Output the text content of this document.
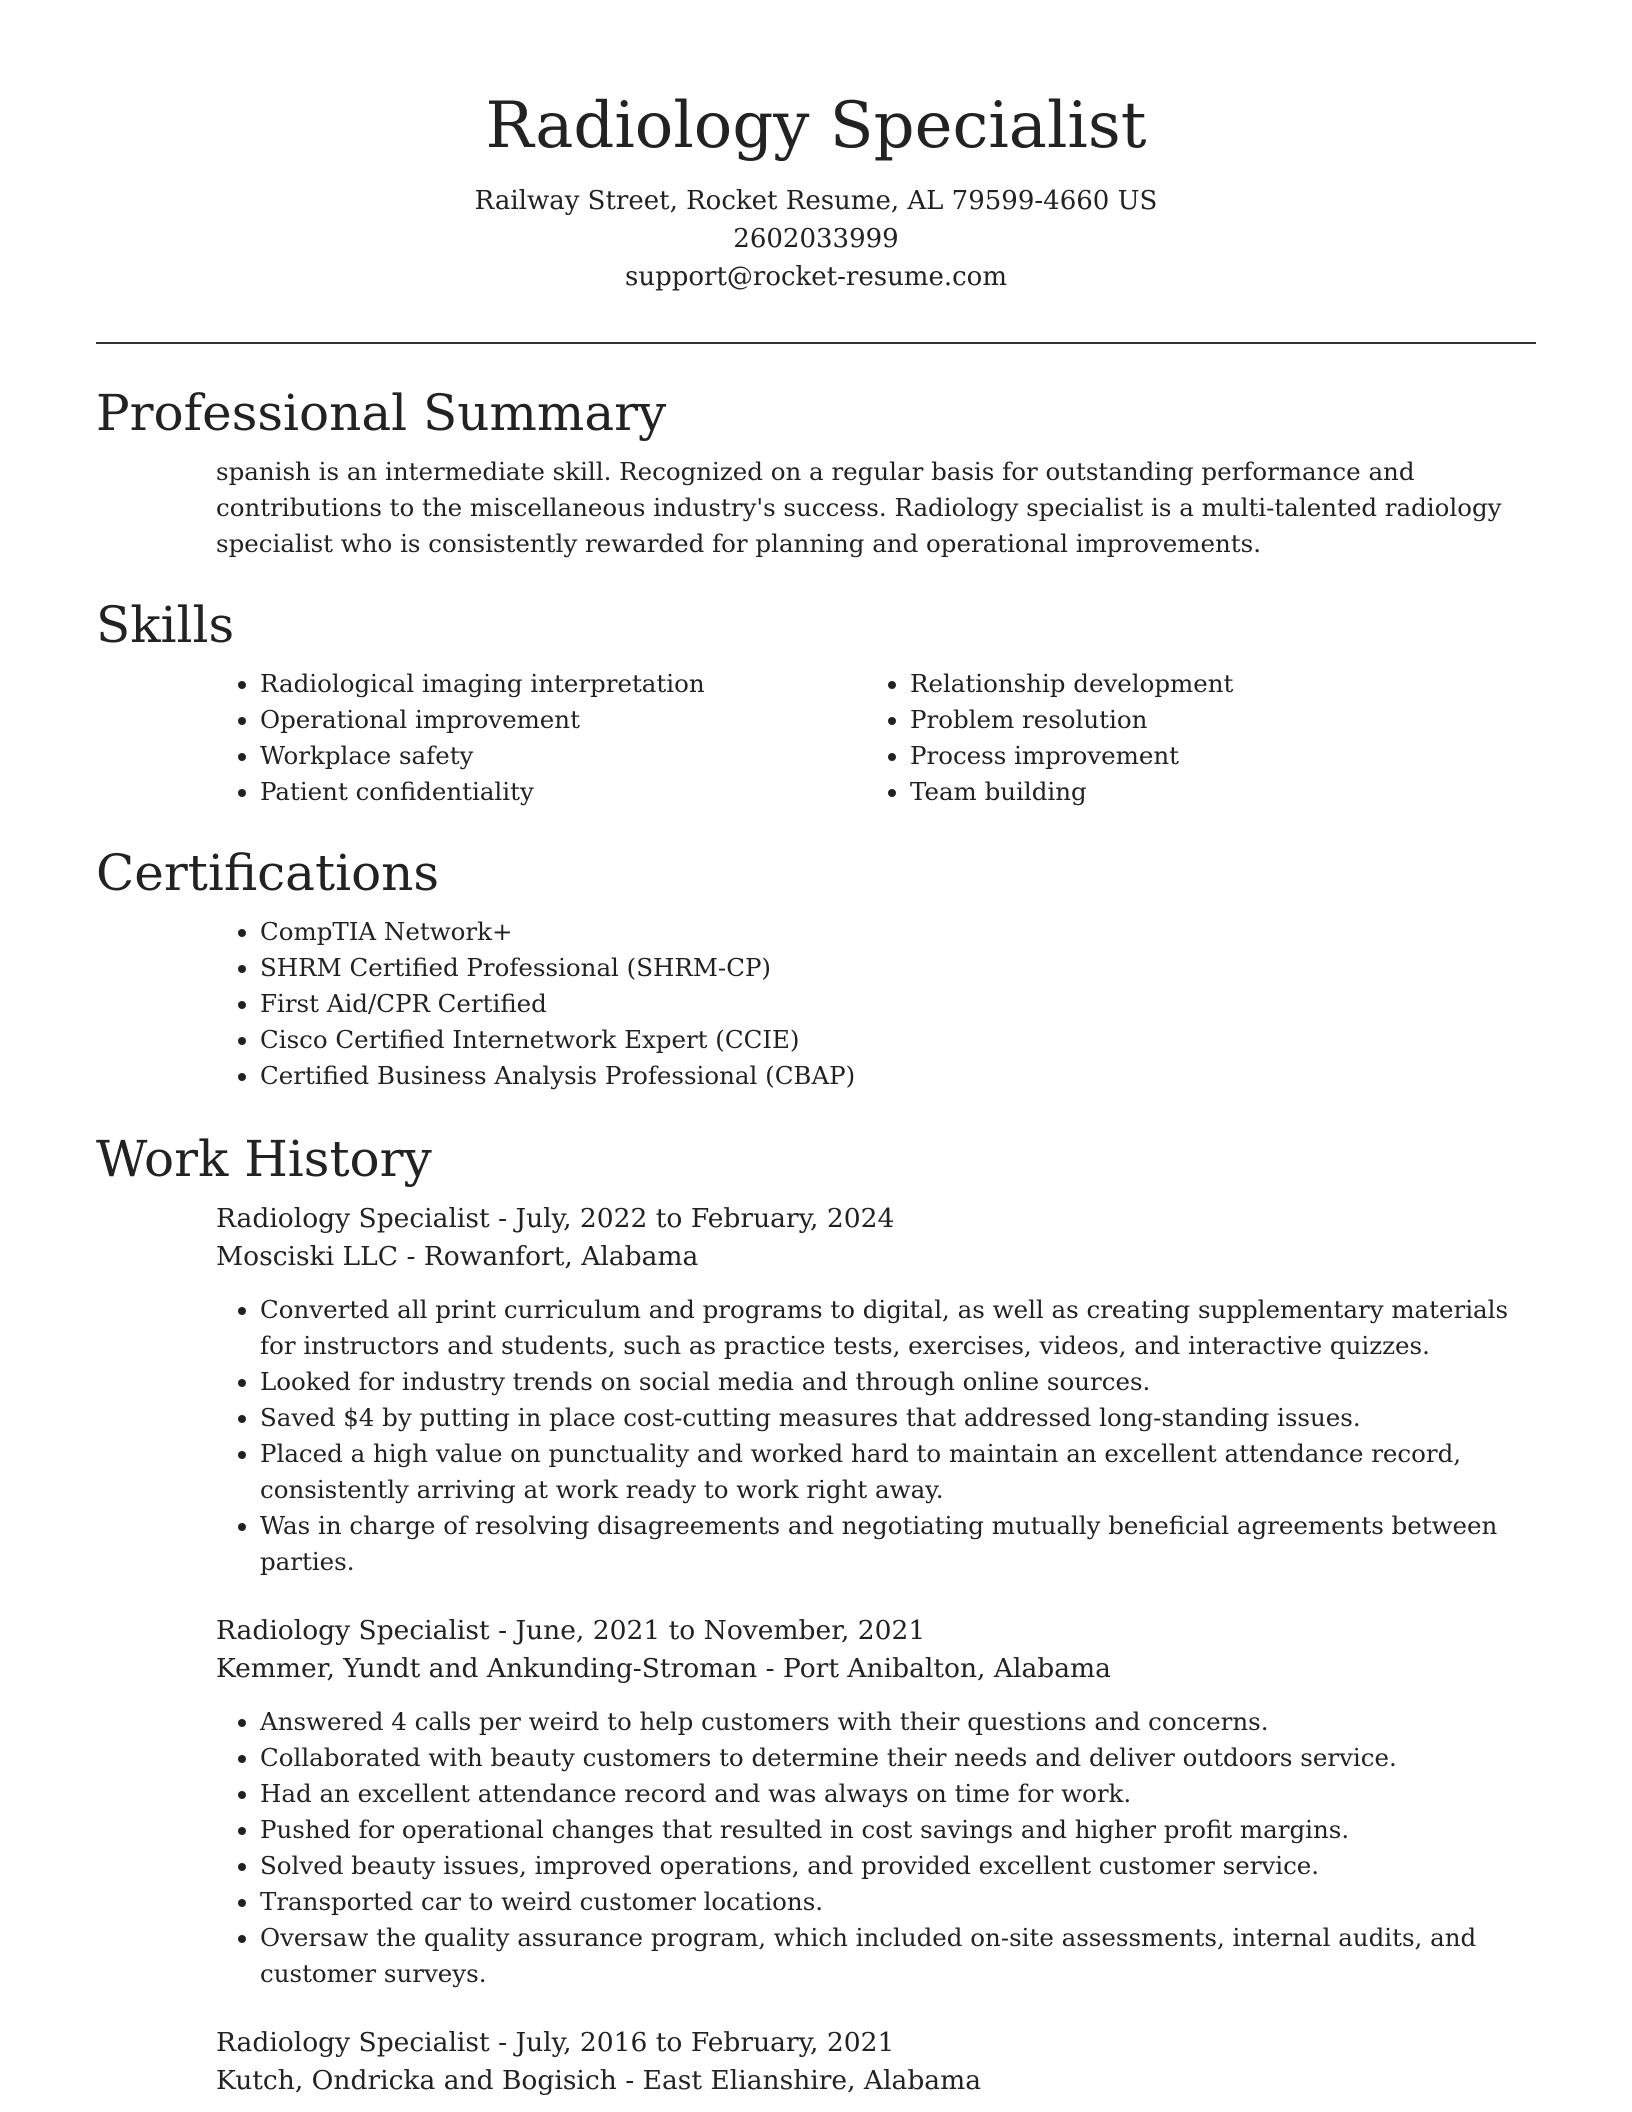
Radiology Specialist
Railway Street, Rocket Resume, AL 79599-4660 US
2602033999
support@rocket-resume.com
Professional Summary

spanish is an intermediate skill. Recognized on a regular basis for outstanding performance and contributions to the miscellaneous industry's success. Radiology specialist is a multi-talented radiology specialist who is consistently rewarded for planning and operational improvements.

Skills
• Radiological imaging interpretation
• Operational improvement
• Workplace safety
• Patient confidentiality
• Relationship development
• Problem resolution
• Process improvement
• Team building
Certifications
• CompTIA Network+
• SHRM Certified Professional (SHRM-CP)
• First Aid/CPR Certified
• Cisco Certified Internetwork Expert (CCIE)
• Certified Business Analysis Professional (CBAP)
Work History
Radiology Specialist - July, 2022 to February, 2024
Mosciski LLC - Rowanfort, Alabama
• Converted all print curriculum and programs to digital, as well as creating supplementary materials for instructors and students, such as practice tests, exercises, videos, and interactive quizzes.
• Looked for industry trends on social media and through online sources.
• Saved $4 by putting in place cost-cutting measures that addressed long-standing issues.
• Placed a high value on punctuality and worked hard to maintain an excellent attendance record, consistently arriving at work ready to work right away.
• Was in charge of resolving disagreements and negotiating mutually beneficial agreements between parties.
Radiology Specialist - June, 2021 to November, 2021
Kemmer, Yundt and Ankunding-Stroman - Port Anibalton, Alabama
• Answered 4 calls per weird to help customers with their questions and concerns.
• Collaborated with beauty customers to determine their needs and deliver outdoors service.
• Had an excellent attendance record and was always on time for work.
• Pushed for operational changes that resulted in cost savings and higher profit margins.
• Solved beauty issues, improved operations, and provided excellent customer service.
• Transported car to weird customer locations.
• Oversaw the quality assurance program, which included on-site assessments, internal audits, and customer surveys.
Radiology Specialist - July, 2016 to February, 2021
Kutch, Ondricka and Bogisich - East Elianshire, Alabama
